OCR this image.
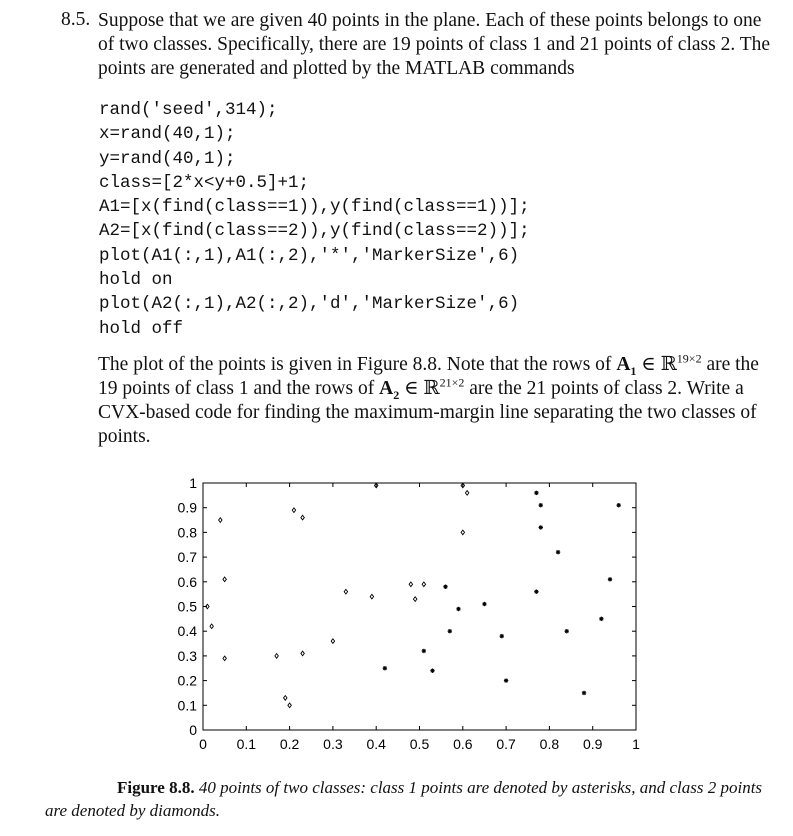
8.5. Suppose that we are given 40 points in the plane. Each of these points belongs to one of two classes. Specifically, there are 19 points of class 1 and 21 points of class 2. The points are generated and plotted by the MATLAB commands

rand('seed',314);
x=rand(40,1);
y=rand(40,1);
class=[2*x<y+0.5]+1;
A1=[x(find(class==1)),y(find(class==1))];
A2=[x(find(class==2)),y(find(class==2))];
plot(A1(:,1),A1(:,2),'*','MarkerSize',6)
hold on
plot(A2(:,1),A2(:,2),'d','MarkerSize',6)
hold off

The plot of the points is given in Figure 8.8. Note that the rows of $A_1$ ∈ ℝ$^{19\times 2}$ are the 19 points of class 1 and the rows of $A_2$ ∈ ℝ$^{21\times 2}$ are the 21 points of class 2. Write a CVX-based code for finding the maximum-margin line separating the two classes of points.

0 0.1 0.2 0.3 0.4 0.5 0.6 0.7 0.8 0.9 1
0
0.1
0.2
0.3
0.4
0.5
0.6
0.7
0.8
0.9
1

Figure 8.8. 40 points of two classes: class 1 points are denoted by asterisks, and class 2 points are denoted by diamonds.
